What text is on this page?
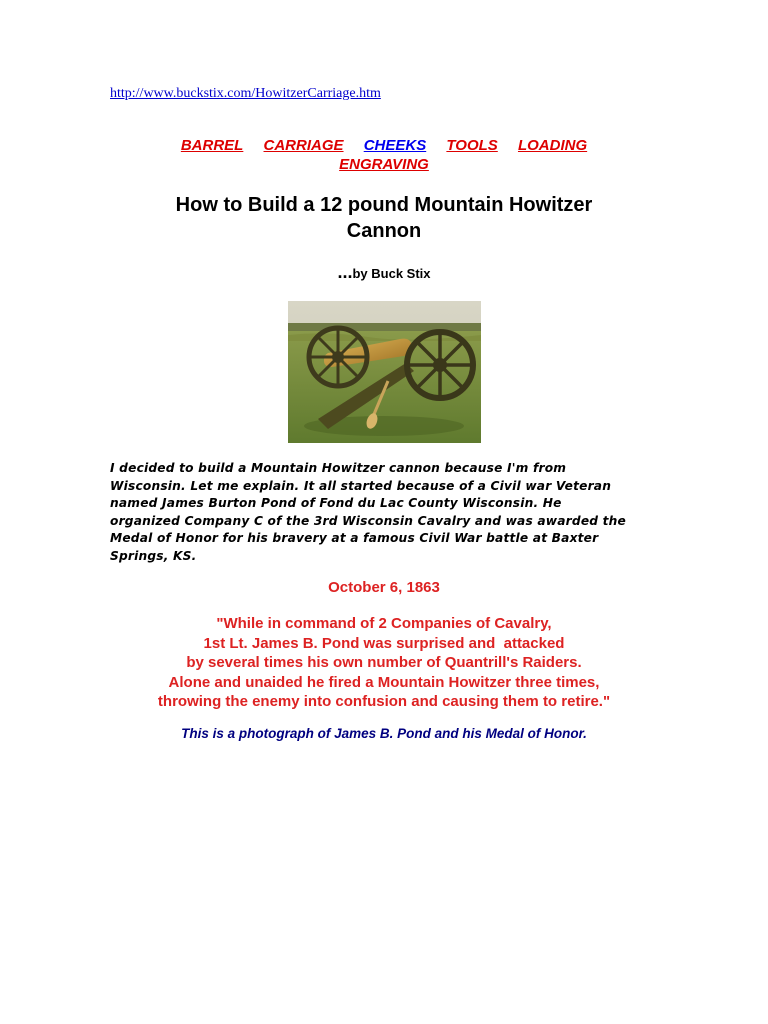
http://www.buckstix.com/HowitzerCarriage.htm
BARREL CARRIAGE CHEEKS TOOLS LOADING
ENGRAVING
How to Build a 12 pound Mountain Howitzer
Cannon
...by Buck Stix
I decided to build a Mountain Howitzer cannon because I'm from
Wisconsin. Let me explain. It all started because of a Civil war Veteran
named James Burton Pond of Fond du Lac County Wisconsin. He
organized Company C of the 3rd Wisconsin Cavalry and was awarded the
Medal of Honor for his bravery at a famous Civil War battle at Baxter
Springs, KS.
October 6, 1863
"While in command of 2 Companies of Cavalry,
1st Lt. James B. Pond was surprised and  attacked
by several times his own number of Quantrill's Raiders.
Alone and unaided he fired a Mountain Howitzer three times,
throwing the enemy into confusion and causing them to retire."
This is a photograph of James B. Pond and his Medal of Honor.
